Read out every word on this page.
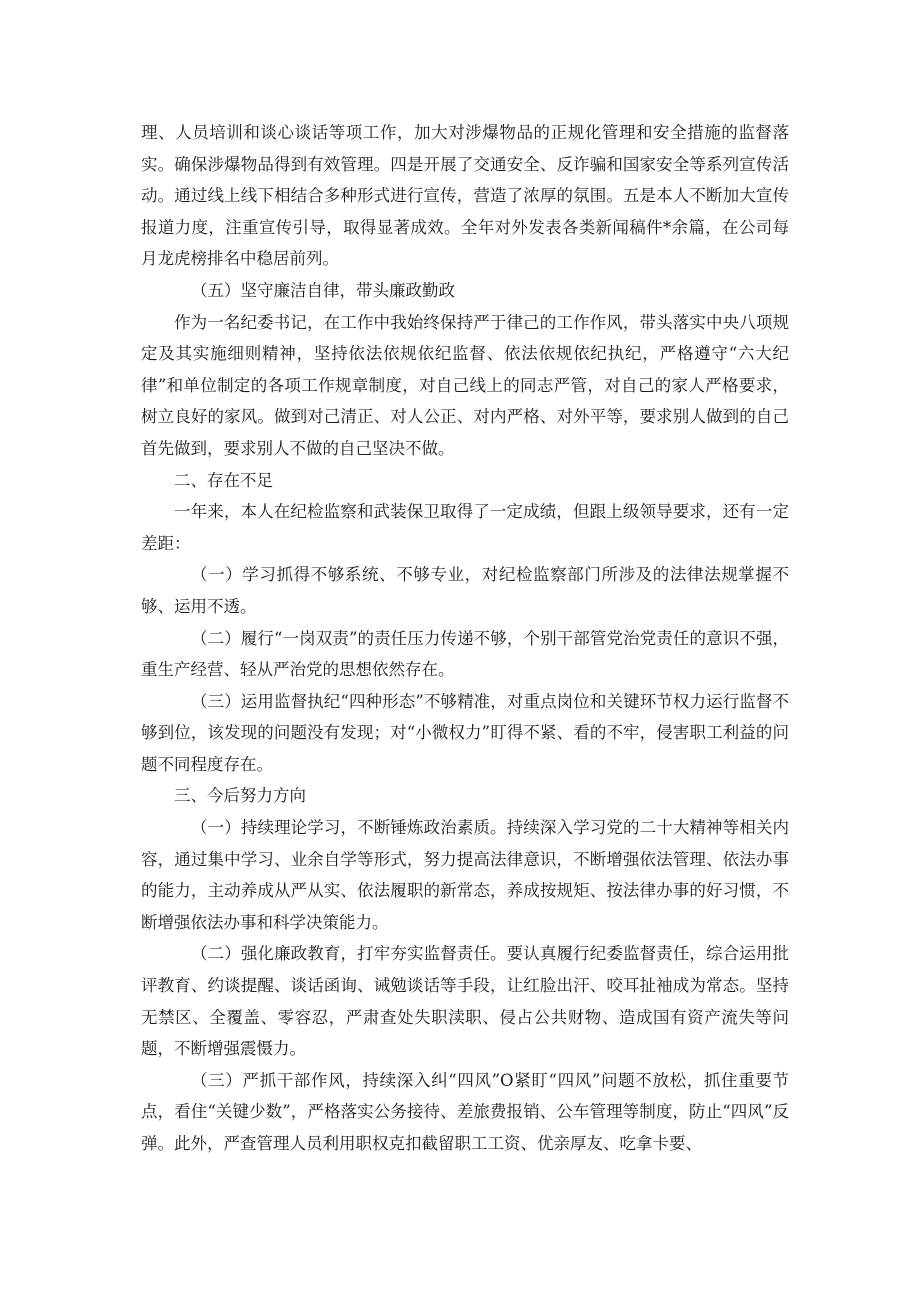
理、人员培训和谈心谈话等项工作，加大对涉爆物品的正规化管理和安全措施的监督落实。确保涉爆物品得到有效管理。四是开展了交通安全、反诈骗和国家安全等系列宣传活动。通过线上线下相结合多种形式进行宣传，营造了浓厚的氛围。五是本人不断加大宣传报道力度，注重宣传引导，取得显著成效。全年对外发表各类新闻稿件*余篇，在公司每月龙虎榜排名中稳居前列。

（五）坚守廉洁自律，带头廉政勤政

作为一名纪委书记，在工作中我始终保持严于律己的工作作风，带头落实中央八项规定及其实施细则精神，坚持依法依规依纪监督、依法依规依纪执纪，严格遵守“六大纪律”和单位制定的各项工作规章制度，对自己线上的同志严管，对自己的家人严格要求，树立良好的家风。做到对己清正、对人公正、对内严格、对外平等，要求别人做到的自己首先做到，要求别人不做的自己坚决不做。

二、存在不足

一年来，本人在纪检监察和武装保卫取得了一定成绩，但跟上级领导要求，还有一定差距：

（一）学习抓得不够系统、不够专业，对纪检监察部门所涉及的法律法规掌握不够、运用不透。

（二）履行“一岗双责”的责任压力传递不够，个别干部管党治党责任的意识不强，重生产经营、轻从严治党的思想依然存在。

（三）运用监督执纪“四种形态”不够精准，对重点岗位和关键环节权力运行监督不够到位，该发现的问题没有发现；对“小微权力”盯得不紧、看的不牢，侵害职工利益的问题不同程度存在。

三、今后努力方向

（一）持续理论学习，不断锤炼政治素质。持续深入学习党的二十大精神等相关内容，通过集中学习、业余自学等形式，努力提高法律意识，不断增强依法管理、依法办事的能力，主动养成从严从实、依法履职的新常态，养成按规矩、按法律办事的好习惯，不断增强依法办事和科学决策能力。

（二）强化廉政教育，打牢夯实监督责任。要认真履行纪委监督责任，综合运用批评教育、约谈提醒、谈话函询、诫勉谈话等手段，让红脸出汗、咬耳扯袖成为常态。坚持无禁区、全覆盖、零容忍，严肃查处失职渎职、侵占公共财物、造成国有资产流失等问题，不断增强震慑力。

（三）严抓干部作风，持续深入纠“四风”O紧盯“四风”问题不放松，抓住重要节点，看住“关键少数”，严格落实公务接待、差旅费报销、公车管理等制度，防止“四风”反弹。此外，严查管理人员利用职权克扣截留职工工资、优亲厚友、吃拿卡要、
